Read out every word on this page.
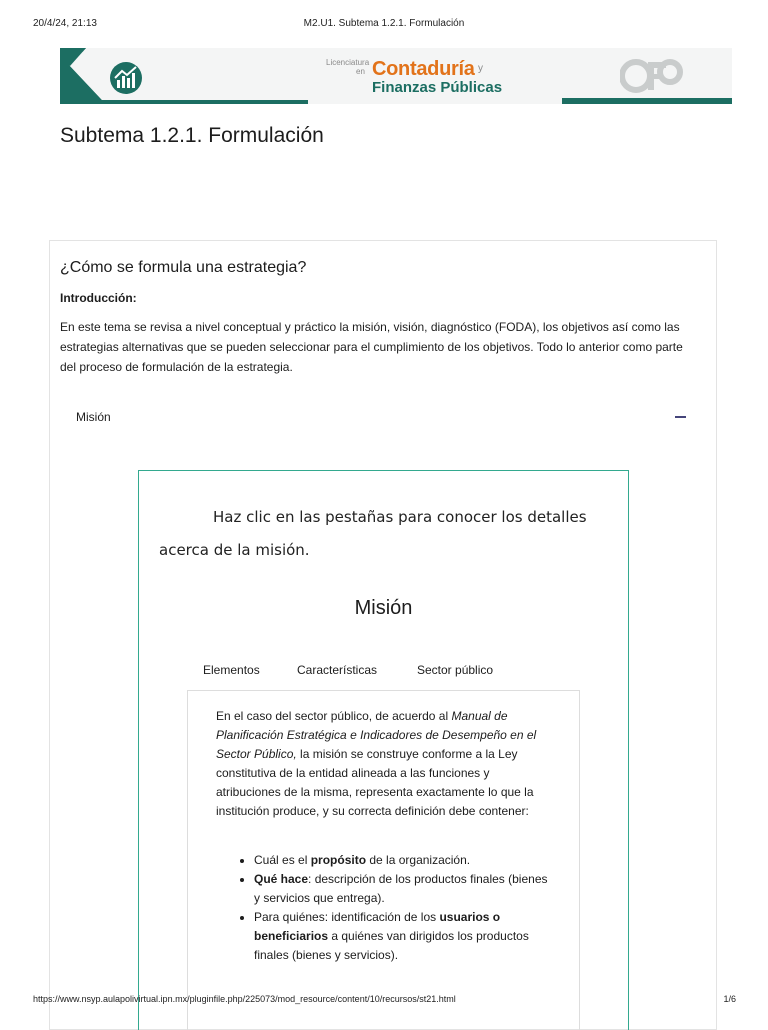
20/4/24, 21:13	M2.U1. Subtema 1.2.1. Formulación
Licenciatura
en Contaduría y
Finanzas Públicas
Subtema 1.2.1. Formulación
¿Cómo se formula una estrategia?

Introducción:

En este tema se revisa a nivel conceptual y práctico la misión, visión, diagnóstico (FODA), los objetivos así como las estrategias alternativas que se pueden seleccionar para el cumplimiento de los objetivos. Todo lo anterior como parte del proceso de formulación de la estrategia.

Misión

Haz clic en las pestañas para conocer los detalles acerca de la misión.

Misión
Elementos	Características	Sector público

En el caso del sector público, de acuerdo al Manual de Planificación Estratégica e Indicadores de Desempeño en el Sector Público, la misión se construye conforme a la Ley constitutiva de la entidad alineada a las funciones y atribuciones de la misma, representa exactamente lo que la institución produce, y su correcta definición debe contener:

• Cuál es el propósito de la organización.
• Qué hace: descripción de los productos finales (bienes y servicios que entrega).
• Para quiénes: identificación de los usuarios o beneficiarios a quiénes van dirigidos los productos finales (bienes y servicios).
https://www.nsyp.aulapolivirtual.ipn.mx/pluginfile.php/225073/mod_resource/content/10/recursos/st21.html	1/6
